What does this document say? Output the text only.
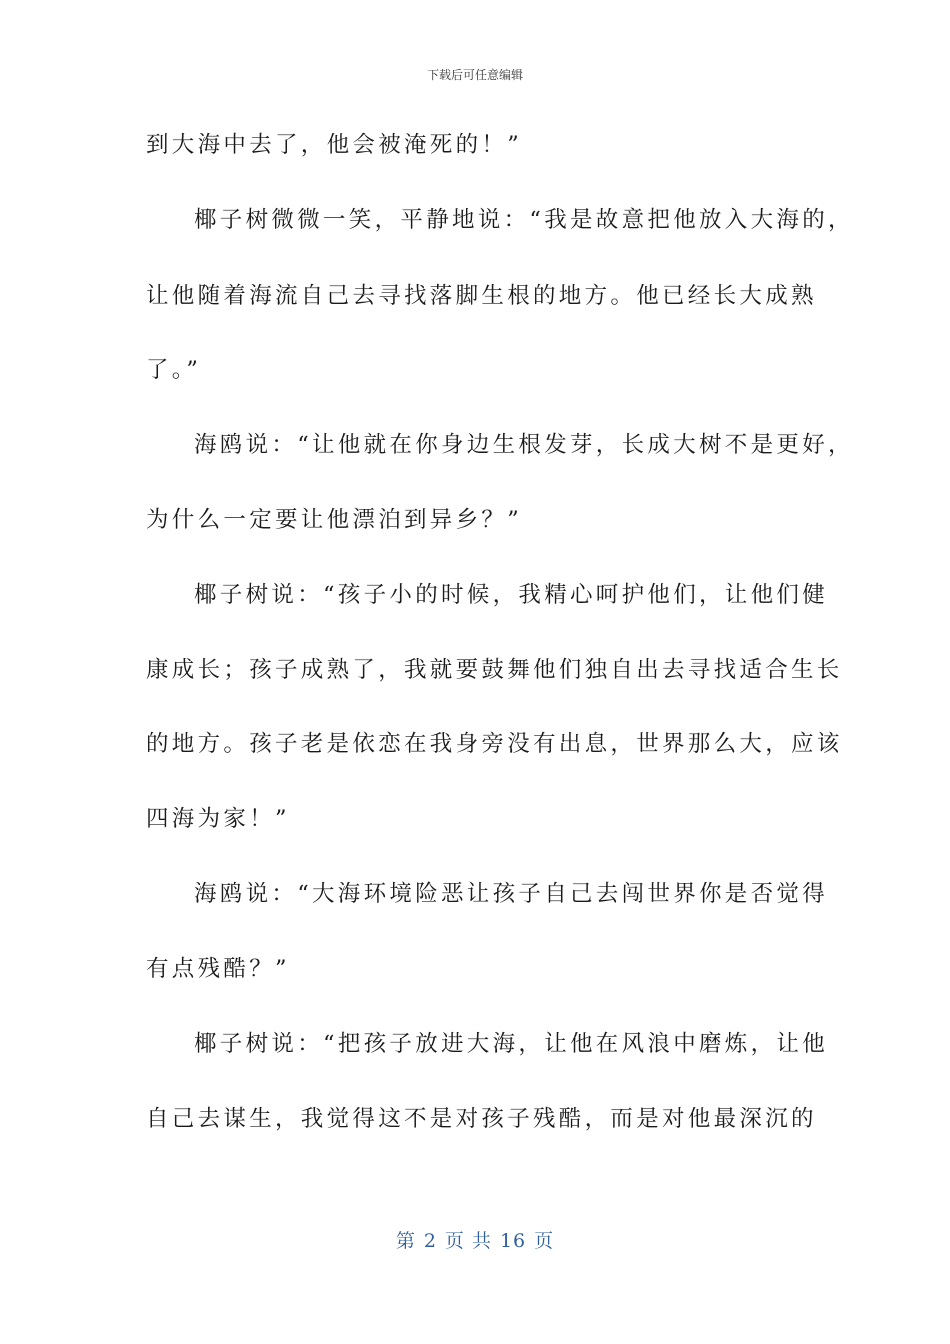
下载后可任意编辑
到大海中去了，他会被淹死的！”
椰子树微微一笑，平静地说：“我是故意把他放入大海的，
让他随着海流自己去寻找落脚生根的地方。他已经长大成熟
了。”
海鸥说：“让他就在你身边生根发芽，长成大树不是更好，
为什么一定要让他漂泊到异乡？”
椰子树说：“孩子小的时候，我精心呵护他们，让他们健
康成长；孩子成熟了，我就要鼓舞他们独自出去寻找适合生长
的地方。孩子老是依恋在我身旁没有出息，世界那么大，应该
四海为家！”
海鸥说：“大海环境险恶让孩子自己去闯世界你是否觉得
有点残酷？”
椰子树说：“把孩子放进大海，让他在风浪中磨炼，让他
自己去谋生，我觉得这不是对孩子残酷，而是对他最深沉的
第 2 页 共 16 页
